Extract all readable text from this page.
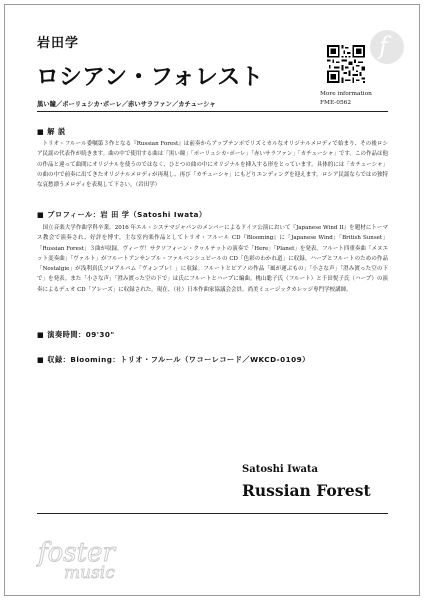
岩田学
ロシアン・フォレスト
黒い瞳／ポーリュシカ･ポーレ／赤いサラファン／カチューシャ
f
More information
FME-0562
■ 解 説
トリオ・フルール委嘱第３作となる『Russian Forest』は前奏からアップテンポでリズミカルなオリジナルメロディで始まり、その後ロシア民謡の代表作が続きます。曲の中で使用する曲は「黒い瞳」「ポーリュシカ･ポーレ」「赤いサラファン」「カチューシャ」です。この作品は他の作品と違って曲間にオリジナルを使うのではなく、ひとつの曲の中にオリジナルを挿入する形をとっています。具体的には「カチューシャ」の曲の中で前奏に出てきたオリジナルメロディが再現し、再び「カチューシャ」にもどりエンディングを迎えます。ロシア民謡ならではの独特な哀愁漂うメロディを表現して下さい。（岩田学）
■ プロフィール：岩 田 学（Satoshi Iwata）
国立音楽大学作曲学科卒業。2016 年エル・システマジャパンのメンバーによるドイツ公演において『Japanese Wind II』を題材にトーマス教会で演奏され、好評を博す。主な室内楽作品としてトリオ・フルール CD『Blooming』に「Japanese Wind」「British Sunset」「Russian Forest」３曲が収録。ヴィーヴ！サクソフォーン・クヮルテットの演奏で「Here」「Planet」を発表。フルート四重奏曲「メヌエット変奏曲」「ヴァルト」がフルートアンサンブル・ファルベンシュピールの CD「色彩のわかれ道」に収録。ハープとフルートのための作品「Nostalgie」が浅利真氏ソロアルバム「ヴォンブレ！」に収録。フルートとピアノの作品「風が運ぶもの」「小さな声」「澄み渡った空の下で」を発表。また「小さな声」「澄み渡った空の下で」は氏にフルートとハープに編曲。桃山聡子氏（フルート）と千田悦子氏（ハープ）の演奏によるデュオ CD「アレーズ」に収録された。現在、（社）日本作曲家協議会会員。尚美ミュージックカレッジ専門学校講師。
■ 演奏時間：09'30"
■ 収録：Blooming：トリオ・フルール（ワコーレコード／WKCD-0109）
Satoshi Iwata
Russian Forest
foster
music
